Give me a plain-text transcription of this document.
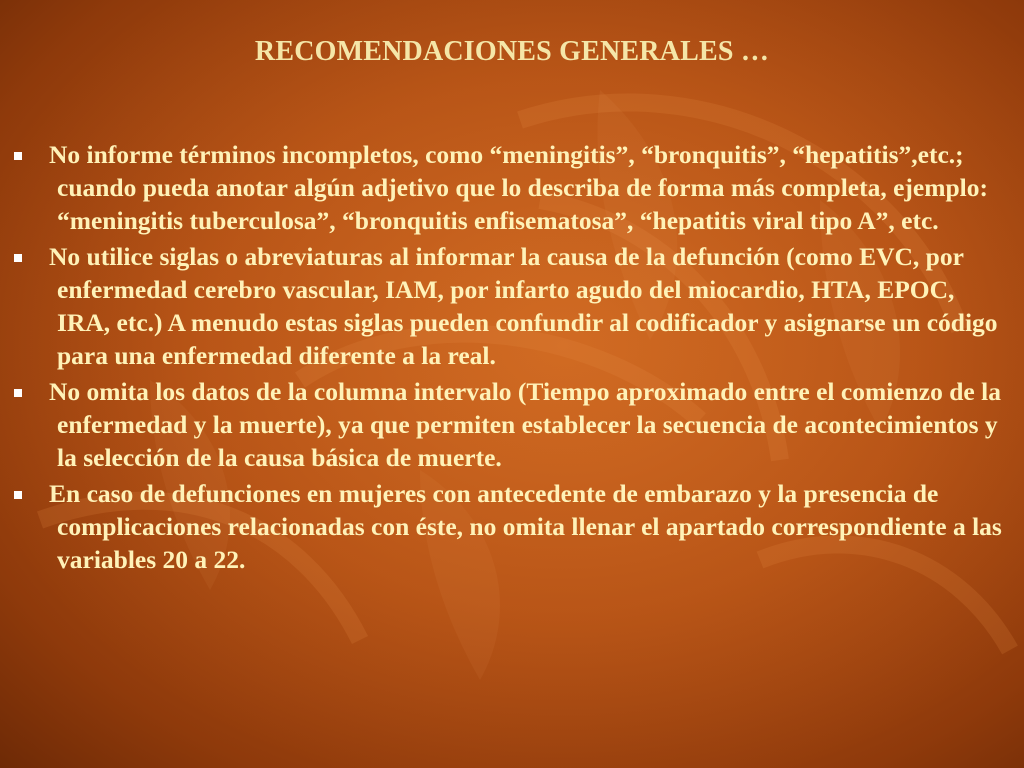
RECOMENDACIONES GENERALES …
No informe términos incompletos, como “meningitis”, “bronquitis”, “hepatitis”,etc.; cuando pueda anotar algún adjetivo que lo describa de forma más completa, ejemplo: “meningitis tuberculosa”, “bronquitis enfisematosa”, “hepatitis viral tipo A”, etc.
No utilice siglas o abreviaturas al informar la causa de la defunción (como EVC, por enfermedad cerebro vascular, IAM, por infarto agudo del miocardio, HTA, EPOC, IRA, etc.) A menudo estas siglas pueden confundir al codificador y asignarse un código para una enfermedad diferente a la real.
No omita los datos de la columna intervalo (Tiempo aproximado entre el comienzo de la enfermedad y la muerte), ya que permiten establecer la secuencia de acontecimientos y la selección de la causa básica de muerte.
En caso de defunciones en mujeres con antecedente de embarazo y la presencia de complicaciones relacionadas con éste, no omita llenar el apartado correspondiente a las variables 20 a 22.
